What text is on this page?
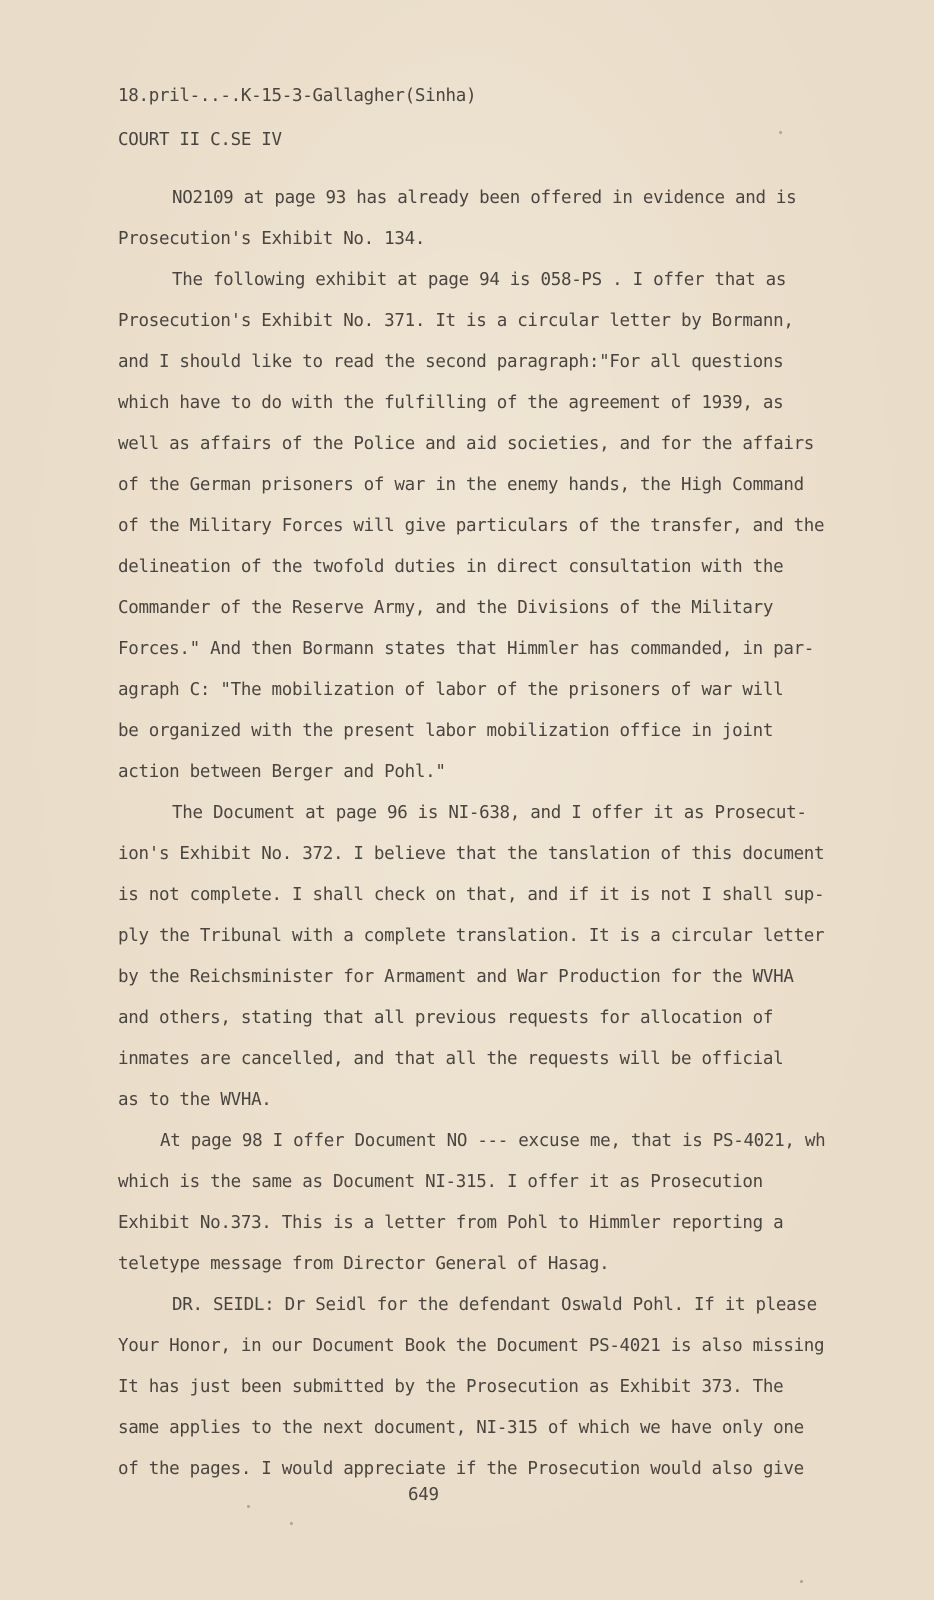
18.pril-..-.K-15-3-Gallagher(Sinha)
COURT II C.SE IV
NO2109 at page 93 has already been offered in evidence and is
Prosecution's Exhibit No. 134.
The following exhibit at page 94 is 058-PS . I offer that as
Prosecution's Exhibit No. 371. It is a circular letter by Bormann,
and I should like to read the second paragraph:"For all questions
which have to do with the fulfilling of the agreement of 1939, as
well as affairs of the Police and aid societies, and for the affairs
of the German prisoners of war in the enemy hands, the High Command
of the Military Forces will give particulars of the transfer, and the
delineation of the twofold duties in direct consultation with the
Commander of the Reserve Army, and the Divisions of the Military
Forces." And then Bormann states that Himmler has commanded, in par-
agraph C: "The mobilization of labor of the prisoners of war will
be organized with the present labor mobilization office in joint
action between Berger and Pohl."
The Document at page 96 is NI-638, and I offer it as Prosecut-
ion's Exhibit No. 372. I believe that the tanslation of this document
is not complete. I shall check on that, and if it is not I shall sup-
ply the Tribunal with a complete translation. It is a circular letter
by the Reichsminister for Armament and War Production for the WVHA
and others, stating that all previous requests for allocation of
inmates are cancelled, and that all the requests will be official
as to the WVHA.
At page 98 I offer Document NO --- excuse me, that is PS-4021, wh
which is the same as Document NI-315. I offer it as Prosecution
Exhibit No.373. This is a letter from Pohl to Himmler reporting a
teletype message from Director General of Hasag.
DR. SEIDL: Dr Seidl for the defendant Oswald Pohl. If it please
Your Honor, in our Document Book the Document PS-4021 is also missing
It has just been submitted by the Prosecution as Exhibit 373. The
same applies to the next document, NI-315 of which we have only one
of the pages. I would appreciate if the Prosecution would also give
649
